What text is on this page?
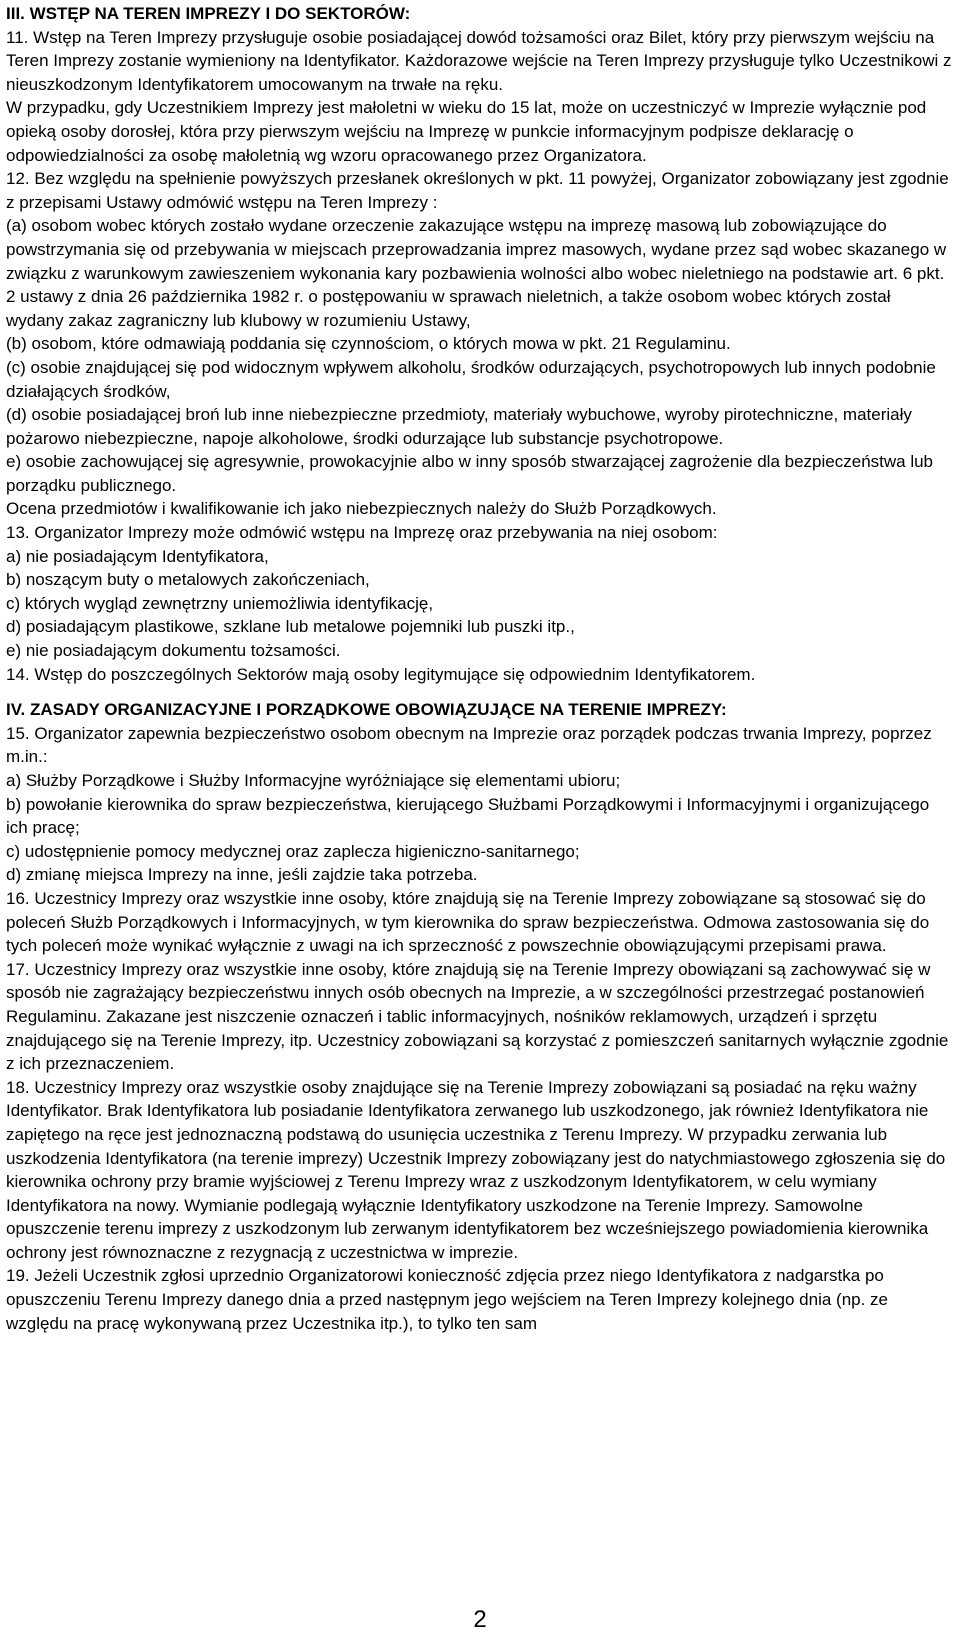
III. WSTĘP NA TEREN IMPREZY I DO SEKTORÓW:

11. Wstęp na Teren Imprezy przysługuje osobie posiadającej dowód tożsamości oraz Bilet, który przy pierwszym wejściu na Teren Imprezy zostanie wymieniony na Identyfikator. Każdorazowe wejście na Teren Imprezy przysługuje tylko Uczestnikowi z nieuszkodzonym Identyfikatorem umocowanym na trwałe na ręku.

W przypadku, gdy Uczestnikiem Imprezy jest małoletni w wieku do 15 lat, może on uczestniczyć w Imprezie wyłącznie pod opieką osoby dorosłej, która przy pierwszym wejściu na Imprezę w punkcie informacyjnym podpisze deklarację o odpowiedzialności za osobę małoletnią wg wzoru opracowanego przez Organizatora.

12. Bez względu na spełnienie powyższych przesłanek określonych w pkt. 11 powyżej, Organizator zobowiązany jest zgodnie z przepisami Ustawy odmówić wstępu na Teren Imprezy :

(a) osobom wobec których zostało wydane orzeczenie zakazujące wstępu na imprezę masową lub zobowiązujące do powstrzymania się od przebywania w miejscach przeprowadzania imprez masowych, wydane przez sąd wobec skazanego w związku z warunkowym zawieszeniem wykonania kary pozbawienia wolności albo wobec nieletniego na podstawie art. 6 pkt. 2 ustawy z dnia 26 października 1982 r. o postępowaniu w sprawach nieletnich, a także osobom wobec których został wydany zakaz zagraniczny lub klubowy w rozumieniu Ustawy,

(b) osobom, które odmawiają poddania się czynnościom, o których mowa w pkt. 21 Regulaminu.

(c) osobie znajdującej się pod widocznym wpływem alkoholu, środków odurzających, psychotropowych lub innych podobnie działających środków,

(d) osobie posiadającej broń lub inne niebezpieczne przedmioty, materiały wybuchowe, wyroby pirotechniczne, materiały pożarowo niebezpieczne, napoje alkoholowe, środki odurzające lub substancje psychotropowe.

e) osobie zachowującej się agresywnie, prowokacyjnie albo w inny sposób stwarzającej zagrożenie dla bezpieczeństwa lub porządku publicznego.

Ocena przedmiotów i kwalifikowanie ich jako niebezpiecznych należy do Służb Porządkowych.

13. Organizator Imprezy może odmówić wstępu na Imprezę oraz przebywania na niej osobom:

a) nie posiadającym Identyfikatora,

b) noszącym buty o metalowych zakończeniach,

c) których wygląd zewnętrzny uniemożliwia identyfikację,

d) posiadającym plastikowe, szklane lub metalowe pojemniki lub puszki itp.,

e) nie posiadającym dokumentu tożsamości.

14. Wstęp do poszczególnych Sektorów mają osoby legitymujące się odpowiednim Identyfikatorem.

IV. ZASADY ORGANIZACYJNE I PORZĄDKOWE OBOWIĄZUJĄCE NA TERENIE IMPREZY:

15. Organizator zapewnia bezpieczeństwo osobom obecnym na Imprezie oraz porządek podczas trwania Imprezy, poprzez m.in.:

a) Służby Porządkowe i Służby Informacyjne wyróżniające się elementami ubioru;

b) powołanie kierownika do spraw bezpieczeństwa, kierującego Służbami Porządkowymi i Informacyjnymi i organizującego ich pracę;

c) udostępnienie pomocy medycznej oraz zaplecza higieniczno-sanitarnego;

d) zmianę miejsca Imprezy na inne, jeśli zajdzie taka potrzeba.

16. Uczestnicy Imprezy oraz wszystkie inne osoby, które znajdują się na Terenie Imprezy zobowiązane są stosować się do poleceń Służb Porządkowych i Informacyjnych, w tym kierownika do spraw bezpieczeństwa. Odmowa zastosowania się do tych poleceń może wynikać wyłącznie z uwagi na ich sprzeczność z powszechnie obowiązującymi przepisami prawa.

17. Uczestnicy Imprezy oraz wszystkie inne osoby, które znajdują się na Terenie Imprezy obowiązani są zachowywać się w sposób nie zagrażający bezpieczeństwu innych osób obecnych na Imprezie, a w szczególności przestrzegać postanowień Regulaminu. Zakazane jest niszczenie oznaczeń i tablic informacyjnych, nośników reklamowych, urządzeń i sprzętu znajdującego się na Terenie Imprezy, itp. Uczestnicy zobowiązani są korzystać z pomieszczeń sanitarnych wyłącznie zgodnie z ich przeznaczeniem.

18. Uczestnicy Imprezy oraz wszystkie osoby znajdujące się na Terenie Imprezy zobowiązani są posiadać na ręku ważny Identyfikator. Brak Identyfikatora lub posiadanie Identyfikatora zerwanego lub uszkodzonego, jak również Identyfikatora nie zapiętego na ręce jest jednoznaczną podstawą do usunięcia uczestnika z Terenu Imprezy. W przypadku zerwania lub uszkodzenia Identyfikatora (na terenie imprezy) Uczestnik Imprezy zobowiązany jest do natychmiastowego zgłoszenia się do kierownika ochrony przy bramie wyjściowej z Terenu Imprezy wraz z uszkodzonym Identyfikatorem, w celu wymiany Identyfikatora na nowy. Wymianie podlegają wyłącznie Identyfikatory uszkodzone na Terenie Imprezy. Samowolne opuszczenie terenu imprezy z uszkodzonym lub zerwanym identyfikatorem bez wcześniejszego powiadomienia kierownika ochrony jest równoznaczne z rezygnacją z uczestnictwa w imprezie.

19. Jeżeli Uczestnik zgłosi uprzednio Organizatorowi konieczność zdjęcia przez niego Identyfikatora z nadgarstka po opuszczeniu Terenu Imprezy danego dnia a przed następnym jego wejściem na Teren Imprezy kolejnego dnia (np. ze względu na pracę wykonywaną przez Uczestnika itp.), to tylko ten sam

2
